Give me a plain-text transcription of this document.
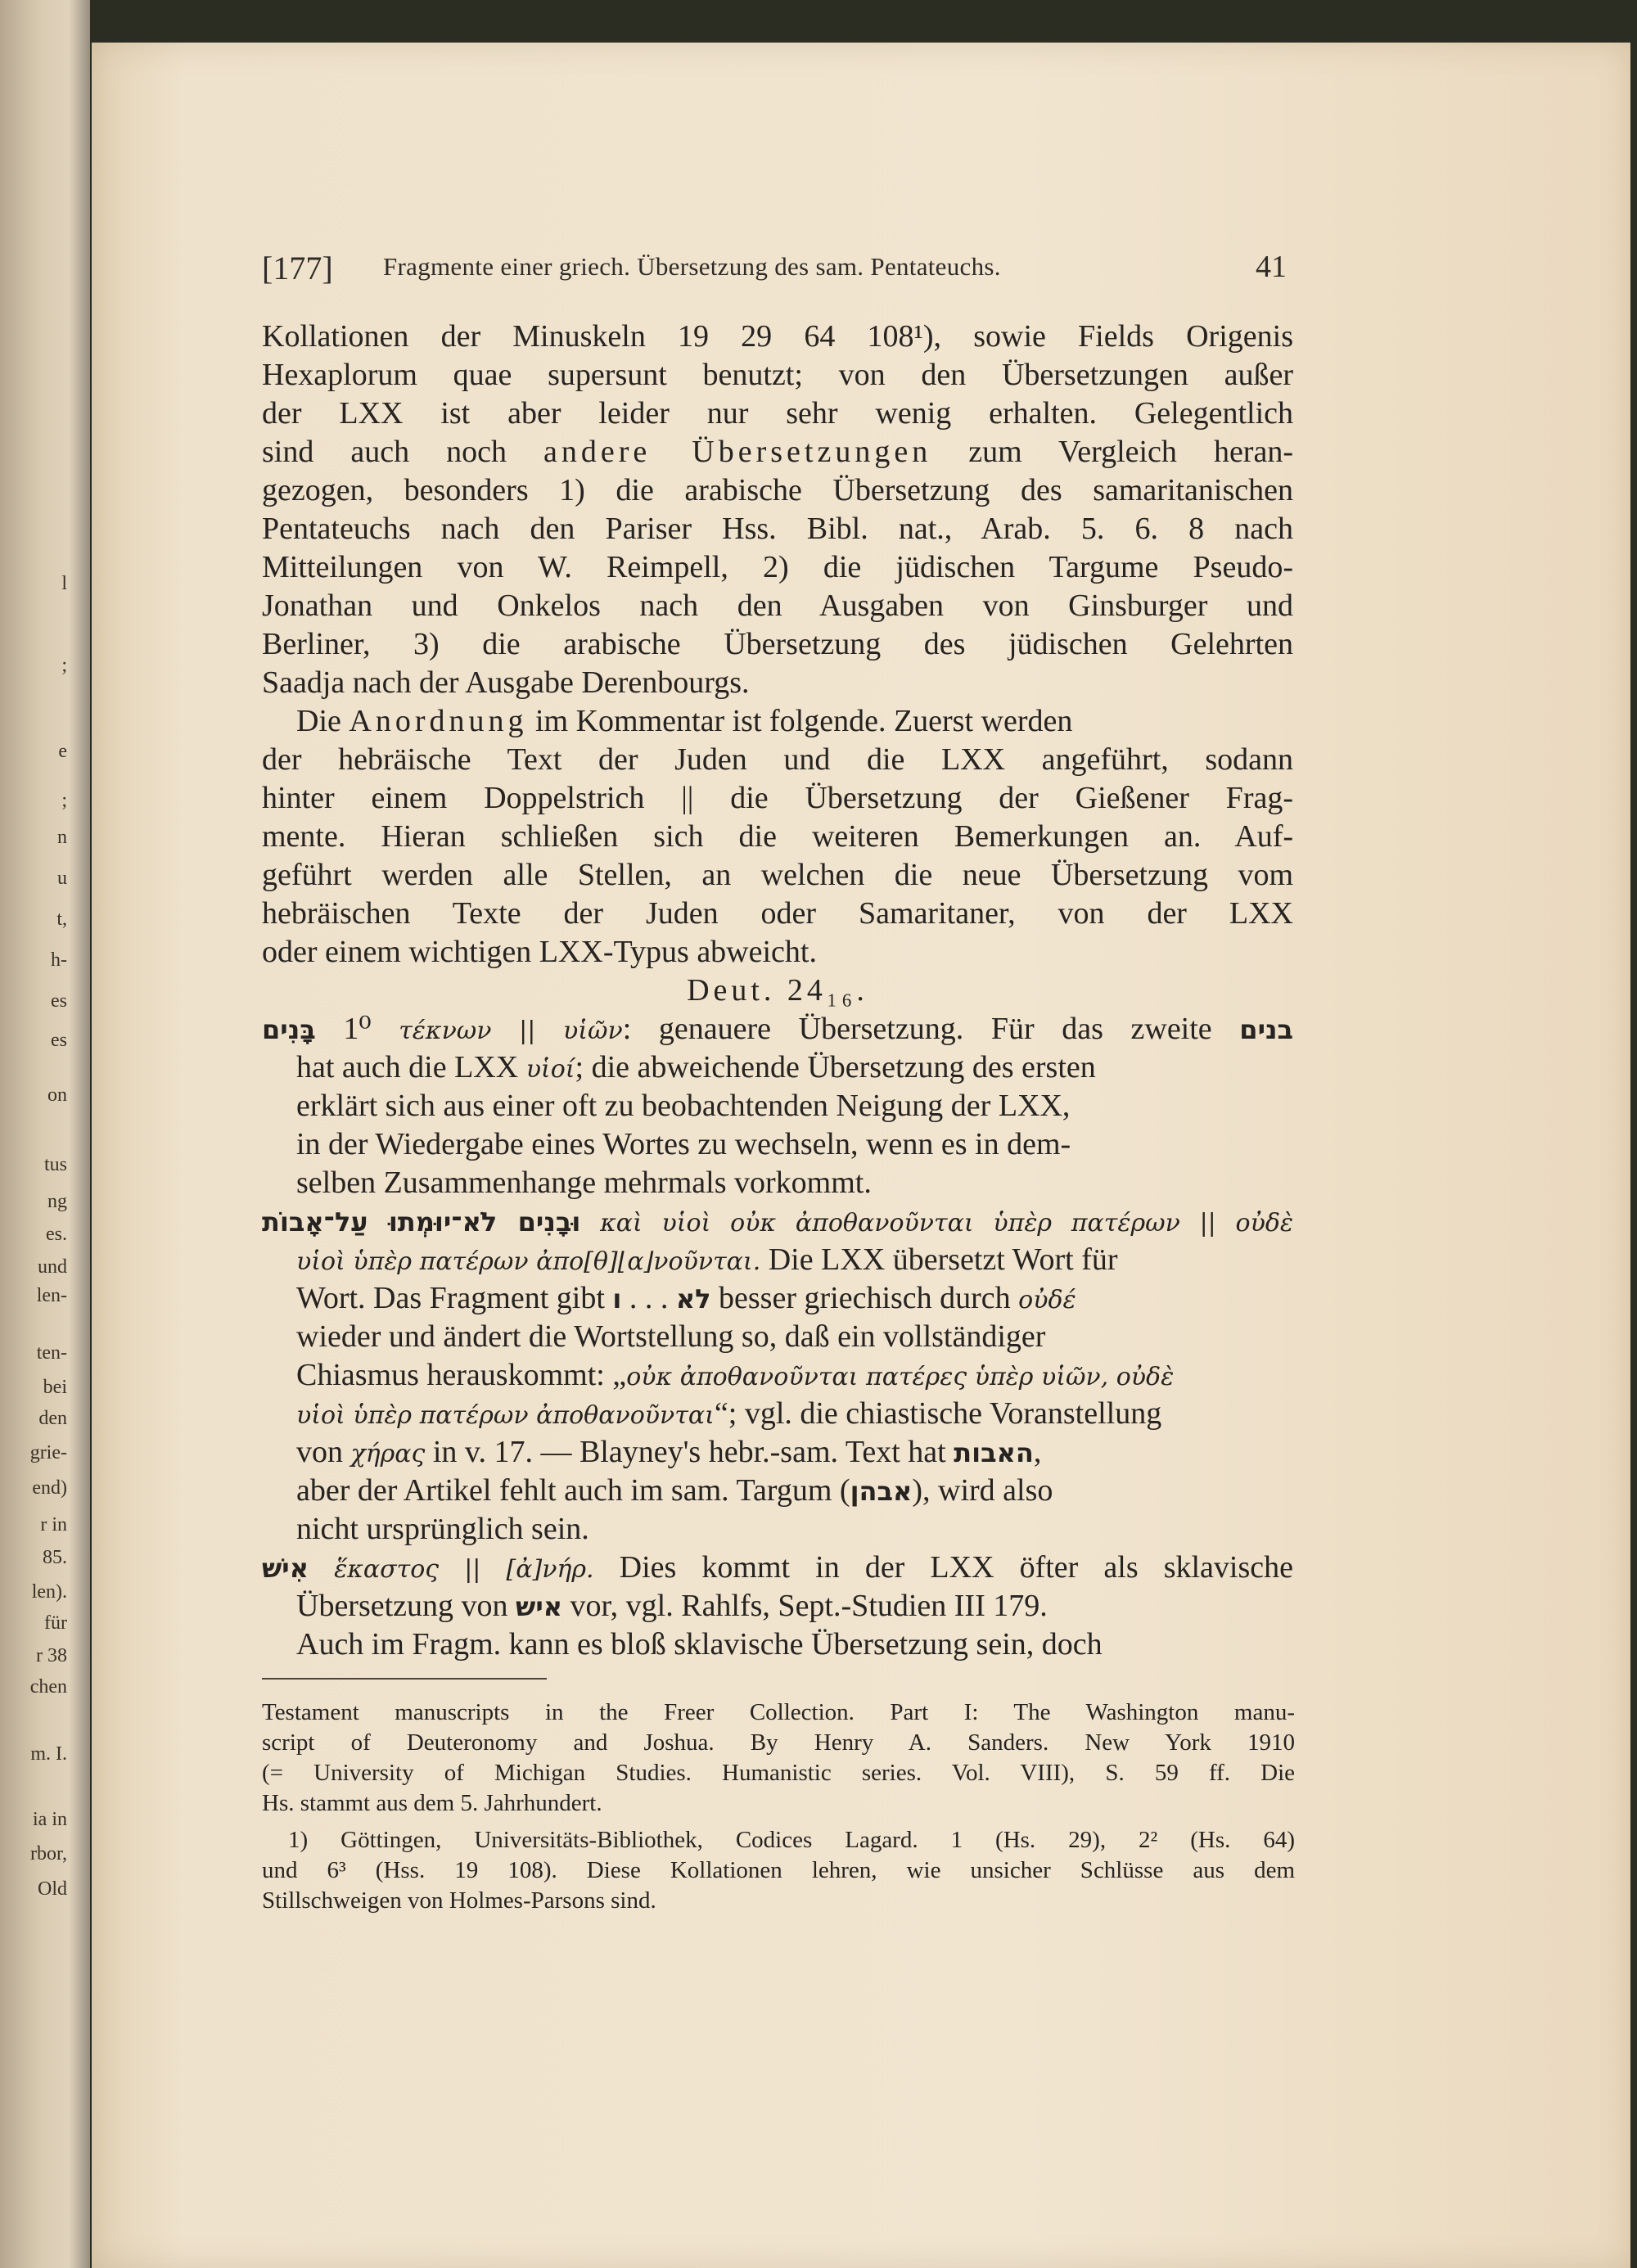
l
;
e
;
n
u
t,
h-
es
es
on
tus
ng
es.
und
len-
ten-
bei
den
grie-
end)
r in
85.
len).
für
r 38
chen
m. I.
ia in
rbor,
Old
[177] Fragmente einer griech. Übersetzung des sam. Pentateuchs.	41
Kollationen der Minuskeln 19 29 64 108¹), sowie Fields Origenis
Hexaplorum quae supersunt benutzt; von den Übersetzungen außer
der LXX ist aber leider nur sehr wenig erhalten. Gelegentlich
sind auch noch andere Übersetzungen zum Vergleich heran-
gezogen, besonders 1) die arabische Übersetzung des samaritanischen
Pentateuchs nach den Pariser Hss. Bibl. nat., Arab. 5. 6. 8 nach
Mitteilungen von W. Reimpell, 2) die jüdischen Targume Pseudo-
Jonathan und Onkelos nach den Ausgaben von Ginsburger und
Berliner, 3) die arabische Übersetzung des jüdischen Gelehrten
Saadja nach der Ausgabe Derenbourgs.
Die Anordnung im Kommentar ist folgende. Zuerst werden
der hebräische Text der Juden und die LXX angeführt, sodann
hinter einem Doppelstrich || die Übersetzung der Gießener Frag-
mente. Hieran schließen sich die weiteren Bemerkungen an. Auf-
geführt werden alle Stellen, an welchen die neue Übersetzung vom
hebräischen Texte der Juden oder Samaritaner, von der LXX
oder einem wichtigen LXX-Typus abweicht.
Deut. 24₁₆.
בָּנִים 1⁰ τέκνων || υἱῶν: genauere Übersetzung. Für das zweite בנים
hat auch die LXX υἱοί; die abweichende Übersetzung des ersten
erklärt sich aus einer oft zu beobachtenden Neigung der LXX,
in der Wiedergabe eines Wortes zu wechseln, wenn es in dem-
selben Zusammenhange mehrmals vorkommt.
וּבָנִים לֹא־יוּמְתוּ עַל־אָבוֹת καὶ υἱοὶ οὐκ ἀποθανοῦνται ὑπὲρ πατέρων || οὐδὲ
υἱοὶ ὑπὲρ πατέρων ἀπο[θ]⌊α⌋νοῦνται. Die LXX übersetzt Wort für
Wort. Das Fragment gibt לא . . . ו	besser griechisch durch οὐδέ
wieder und ändert die Wortstellung so, daß ein vollständiger
Chiasmus herauskommt: „οὐκ ἀποθανοῦνται πατέρες ὑπὲρ υἱῶν, οὐδὲ
υἱοὶ ὑπὲρ πατέρων ἀποθανοῦνται“; vgl. die chiastische Voranstellung
von χήρας in v. 17. — Blayney's hebr.-sam. Text hat האבות,
aber der Artikel fehlt auch im sam. Targum (אבהן), wird also
nicht ursprünglich sein.
אִישׁ ἕκαστος || [ἀ]νήρ. Dies kommt in der LXX öfter als sklavische
Übersetzung von איש vor, vgl. Rahlfs, Sept.-Studien III 179.
Auch im Fragm. kann es bloß sklavische Übersetzung sein, doch
Testament manuscripts in the Freer Collection. Part I: The Washington manu-
script of Deuteronomy and Joshua. By Henry A. Sanders. New York 1910
(= University of Michigan Studies. Humanistic series. Vol. VIII), S. 59 ff. Die
Hs. stammt aus dem 5. Jahrhundert.
1) Göttingen, Universitäts-Bibliothek, Codices Lagard. 1 (Hs. 29), 2² (Hs. 64)
und 6³ (Hss. 19 108). Diese Kollationen lehren, wie unsicher Schlüsse aus dem
Stillschweigen von Holmes-Parsons sind.
